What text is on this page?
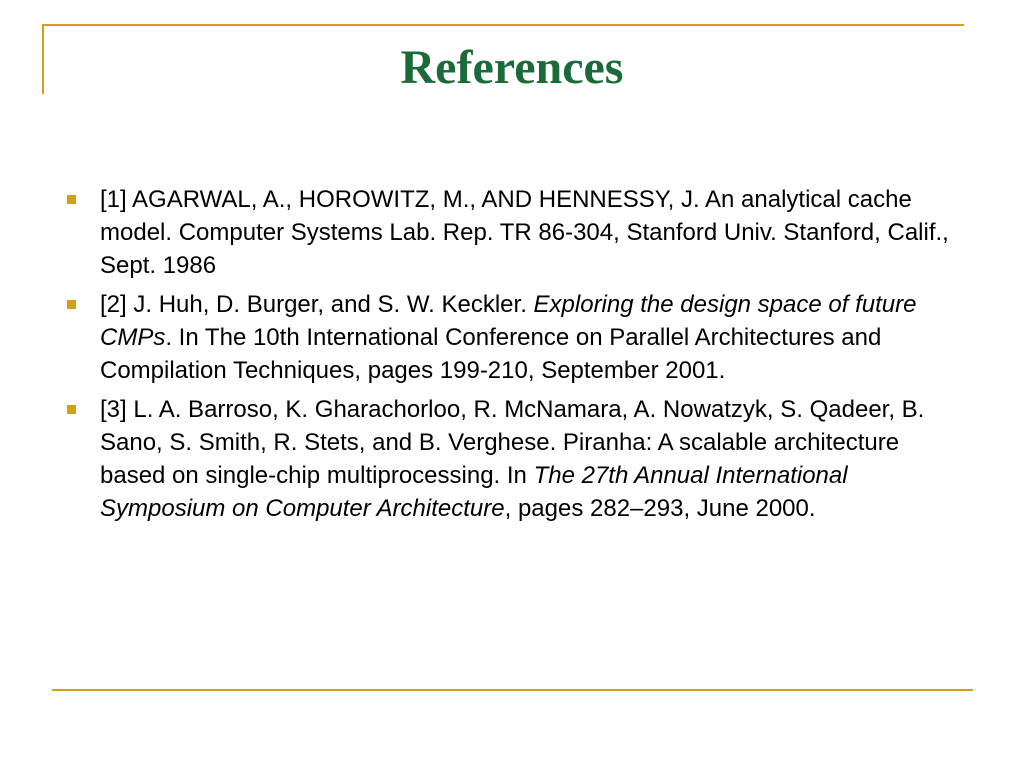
References
[1] AGARWAL, A., HOROWITZ, M., AND HENNESSY, J. An analytical cache model. Computer Systems Lab. Rep. TR 86-304, Stanford Univ. Stanford, Calif., Sept. 1986
[2] J. Huh, D. Burger, and S. W. Keckler. Exploring the design space of future CMPs. In The 10th International Conference on Parallel Architectures and Compilation Techniques, pages 199-210, September 2001.
[3] L. A. Barroso, K. Gharachorloo, R. McNamara, A. Nowatzyk, S. Qadeer, B. Sano, S. Smith, R. Stets, and B. Verghese. Piranha: A scalable architecture based on single-chip multiprocessing. In The 27th Annual International Symposium on Computer Architecture, pages 282–293, June 2000.
